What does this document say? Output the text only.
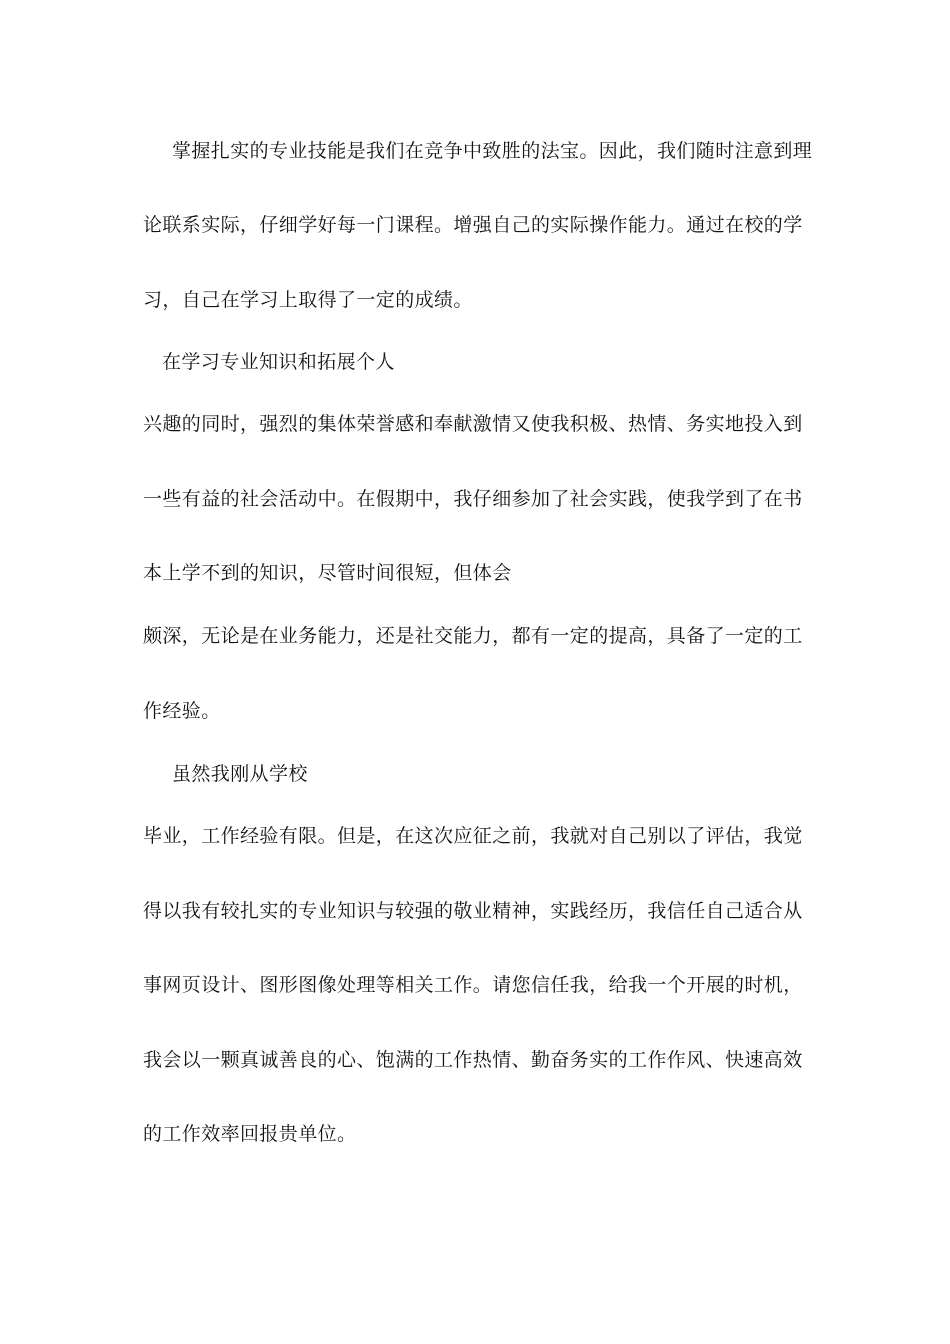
掌握扎实的专业技能是我们在竞争中致胜的法宝。因此，我们随时注意到理
论联系实际，仔细学好每一门课程。增强自己的实际操作能力。通过在校的学
习，自己在学习上取得了一定的成绩。
在学习专业知识和拓展个人
兴趣的同时，强烈的集体荣誉感和奉献激情又使我积极、热情、务实地投入到
一些有益的社会活动中。在假期中，我仔细参加了社会实践，使我学到了在书
本上学不到的知识，尽管时间很短，但体会
颇深，无论是在业务能力，还是社交能力，都有一定的提高，具备了一定的工
作经验。
虽然我刚从学校
毕业，工作经验有限。但是，在这次应征之前，我就对自己别以了评估，我觉
得以我有较扎实的专业知识与较强的敬业精神，实践经历，我信任自己适合从
事网页设计、图形图像处理等相关工作。请您信任我，给我一个开展的时机，
我会以一颗真诚善良的心、饱满的工作热情、勤奋务实的工作作风、快速高效
的工作效率回报贵单位。
